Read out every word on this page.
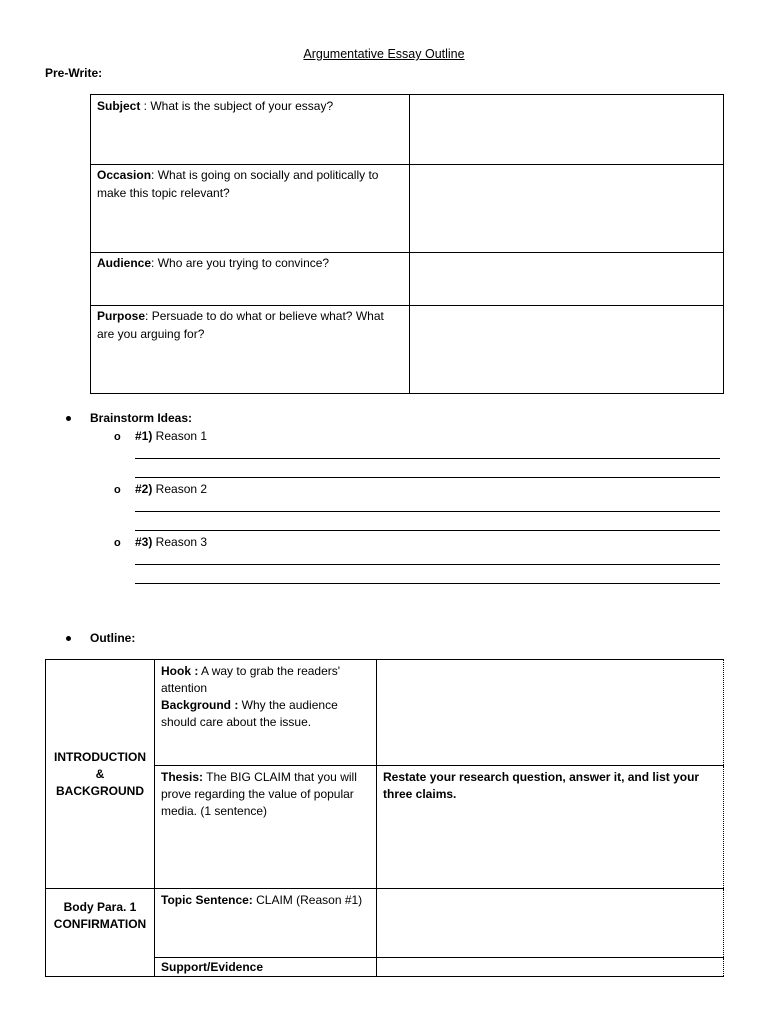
Argumentative Essay Outline
Pre-Write:
Subject : What is the subject of your essay?	
Occasion: What is going on socially and politically to make this topic relevant?	
Audience: Who are you trying to convince?	
Purpose: Persuade to do what or believe what? What are you arguing for?	
Brainstorm Ideas:
o #1) Reason 1
o #2) Reason 2
o #3) Reason 3
Outline:
INTRODUCTION & BACKGROUND	Hook : A way to grab the readers' attention
Background : Why the audience should care about the issue.	
	Thesis: The BIG CLAIM that you will prove regarding the value of popular media. (1 sentence)	Restate your research question, answer it, and list your three claims.
Body Para. 1 CONFIRMATION	Topic Sentence: CLAIM (Reason #1)	
	Support/Evidence	
